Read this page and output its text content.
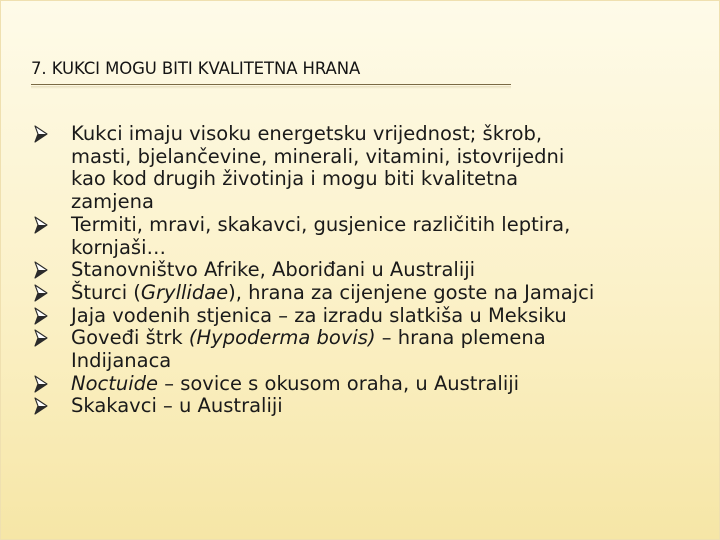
7. KUKCI MOGU BITI KVALITETNA HRANA
Kukci imaju visoku energetsku vrijednost; škrob,
masti, bjelančevine, minerali, vitamini, istovrijedni
kao kod drugih životinja i mogu biti kvalitetna
zamjena
Termiti, mravi, skakavci, gusjenice različitih leptira,
kornjaši…
Stanovništvo Afrike, Aboriđani u Australiji
Šturci (Gryllidae), hrana za cijenjene goste na Jamajci
Jaja vodenih stjenica – za izradu slatkiša u Meksiku
Goveđi štrk (Hypoderma bovis) – hrana plemena
Indijanaca
Noctuide – sovice s okusom oraha, u Australiji
Skakavci – u Australiji
